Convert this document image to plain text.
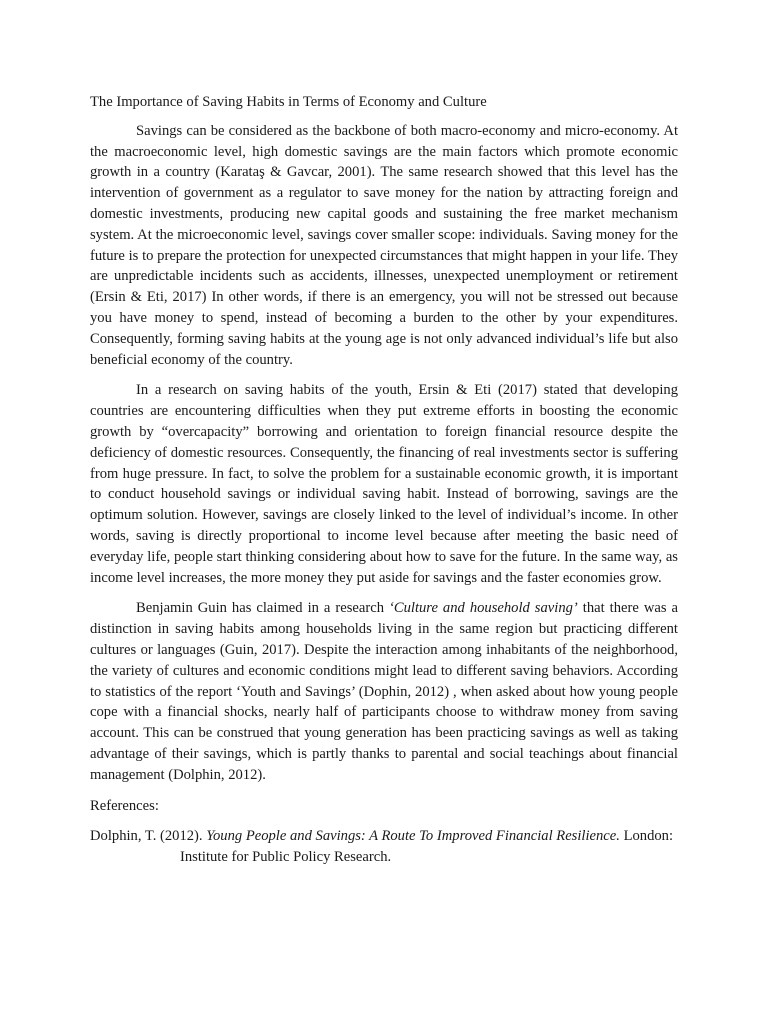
The Importance of Saving Habits in Terms of Economy and Culture

Savings can be considered as the backbone of both macro-economy and micro-economy. At the macroeconomic level, high domestic savings are the main factors which promote economic growth in a country (Karataş & Gavcar, 2001). The same research showed that this level has the intervention of government as a regulator to save money for the nation by attracting foreign and domestic investments, producing new capital goods and sustaining the free market mechanism system. At the microeconomic level, savings cover smaller scope: individuals. Saving money for the future is to prepare the protection for unexpected circumstances that might happen in your life. They are unpredictable incidents such as accidents, illnesses, unexpected unemployment or retirement (Ersin & Eti, 2017) In other words, if there is an emergency, you will not be stressed out because you have money to spend, instead of becoming a burden to the other by your expenditures. Consequently, forming saving habits at the young age is not only advanced individual’s life but also beneficial economy of the country.

In a research on saving habits of the youth, Ersin & Eti (2017) stated that developing countries are encountering difficulties when they put extreme efforts in boosting the economic growth by “overcapacity” borrowing and orientation to foreign financial resource despite the deficiency of domestic resources. Consequently, the financing of real investments sector is suffering from huge pressure. In fact, to solve the problem for a sustainable economic growth, it is important to conduct household savings or individual saving habit. Instead of borrowing, savings are the optimum solution. However, savings are closely linked to the level of individual’s income. In other words, saving is directly proportional to income level because after meeting the basic need of everyday life, people start thinking considering about how to save for the future. In the same way, as income level increases, the more money they put aside for savings and the faster economies grow.

Benjamin Guin has claimed in a research ‘Culture and household saving’ that there was a distinction in saving habits among households living in the same region but practicing different cultures or languages (Guin, 2017). Despite the interaction among inhabitants of the neighborhood, the variety of cultures and economic conditions might lead to different saving behaviors. According to statistics of the report ‘Youth and Savings’ (Dophin, 2012) , when asked about how young people cope with a financial shocks, nearly half of participants choose to withdraw money from saving account. This can be construed that young generation has been practicing savings as well as taking advantage of their savings, which is partly thanks to parental and social teachings about financial management (Dolphin, 2012).

References:

Dolphin, T. (2012). Young People and Savings: A Route To Improved Financial Resilience. London: Institute for Public Policy Research.
